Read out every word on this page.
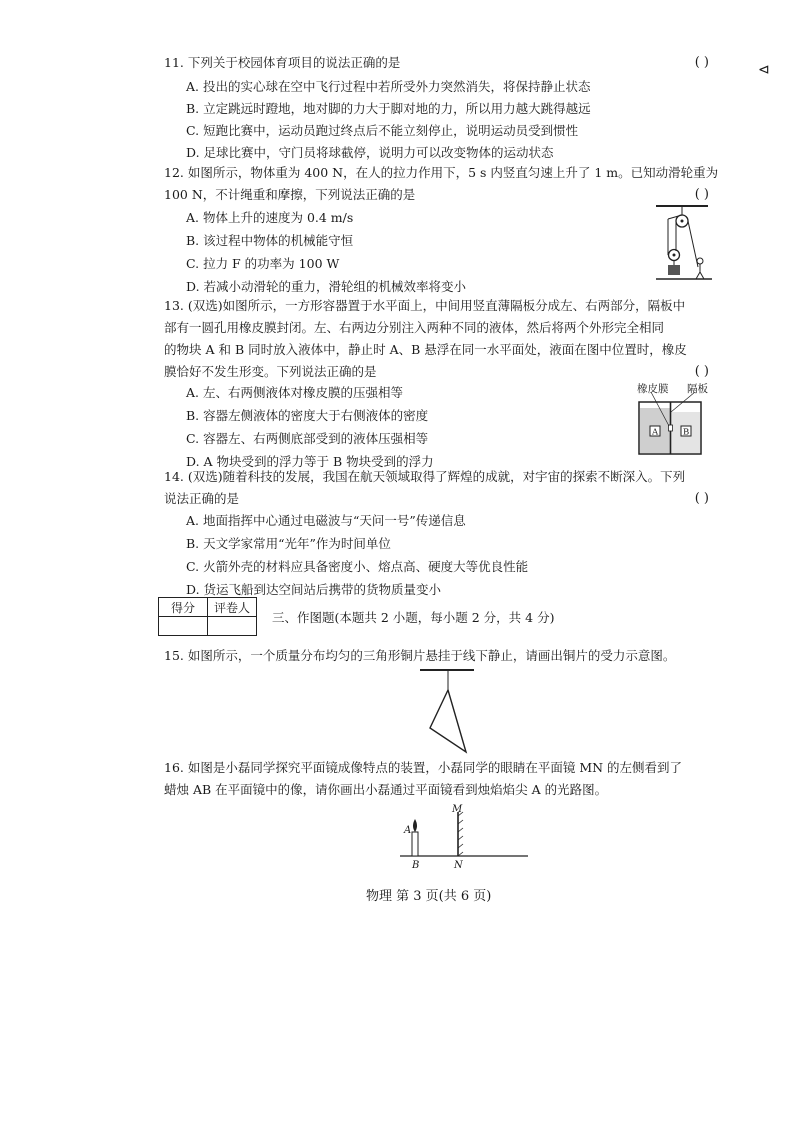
11. 下列关于校园体育项目的说法正确的是	( )
A. 投出的实心球在空中飞行过程中若所受外力突然消失，将保持静止状态
B. 立定跳远时蹬地，地对脚的力大于脚对地的力，所以用力越大跳得越远
C. 短跑比赛中，运动员跑过终点后不能立刻停止，说明运动员受到惯性
D. 足球比赛中，守门员将球截停，说明力可以改变物体的运动状态
12. 如图所示，物体重为 400 N，在人的拉力作用下，5 s 内竖直匀速上升了 1 m。已知动滑轮重为
100 N，不计绳重和摩擦，下列说法正确的是	( )
A. 物体上升的速度为 0.4 m/s
B. 该过程中物体的机械能守恒
C. 拉力 F 的功率为 100 W
D. 若减小动滑轮的重力，滑轮组的机械效率将变小
13. (双选)如图所示，一方形容器置于水平面上，中间用竖直薄隔板分成左、右两部分，隔板中
部有一圆孔用橡皮膜封闭。左、右两边分别注入两种不同的液体，然后将两个外形完全相同
的物块 A 和 B 同时放入液体中，静止时 A、B 悬浮在同一水平面处，液面在图中位置时，橡皮
膜恰好不发生形变。下列说法正确的是	( )
A. 左、右两侧液体对橡皮膜的压强相等
B. 容器左侧液体的密度大于右侧液体的密度
C. 容器左、右两侧底部受到的液体压强相等
D. A 物块受到的浮力等于 B 物块受到的浮力
橡皮膜 隔板
A	B
14. (双选)随着科技的发展，我国在航天领域取得了辉煌的成就，对宇宙的探索不断深入。下列
说法正确的是	( )
A. 地面指挥中心通过电磁波与“天问一号”传递信息
B. 天文学家常用“光年”作为时间单位
C. 火箭外壳的材料应具备密度小、熔点高、硬度大等优良性能
D. 货运飞船到达空间站后携带的货物质量变小
得分	评卷人

三、作图题(本题共 2 小题，每小题 2 分，共 4 分)
15. 如图所示，一个质量分布均匀的三角形铜片悬挂于线下静止，请画出铜片的受力示意图。
16. 如图是小磊同学探究平面镜成像特点的装置，小磊同学的眼睛在平面镜 MN 的左侧看到了
蜡烛 AB 在平面镜中的像，请你画出小磊通过平面镜看到烛焰焰尖 A 的光路图。
A
B
M
N
物理 第 3 页(共 6 页)
⊲
